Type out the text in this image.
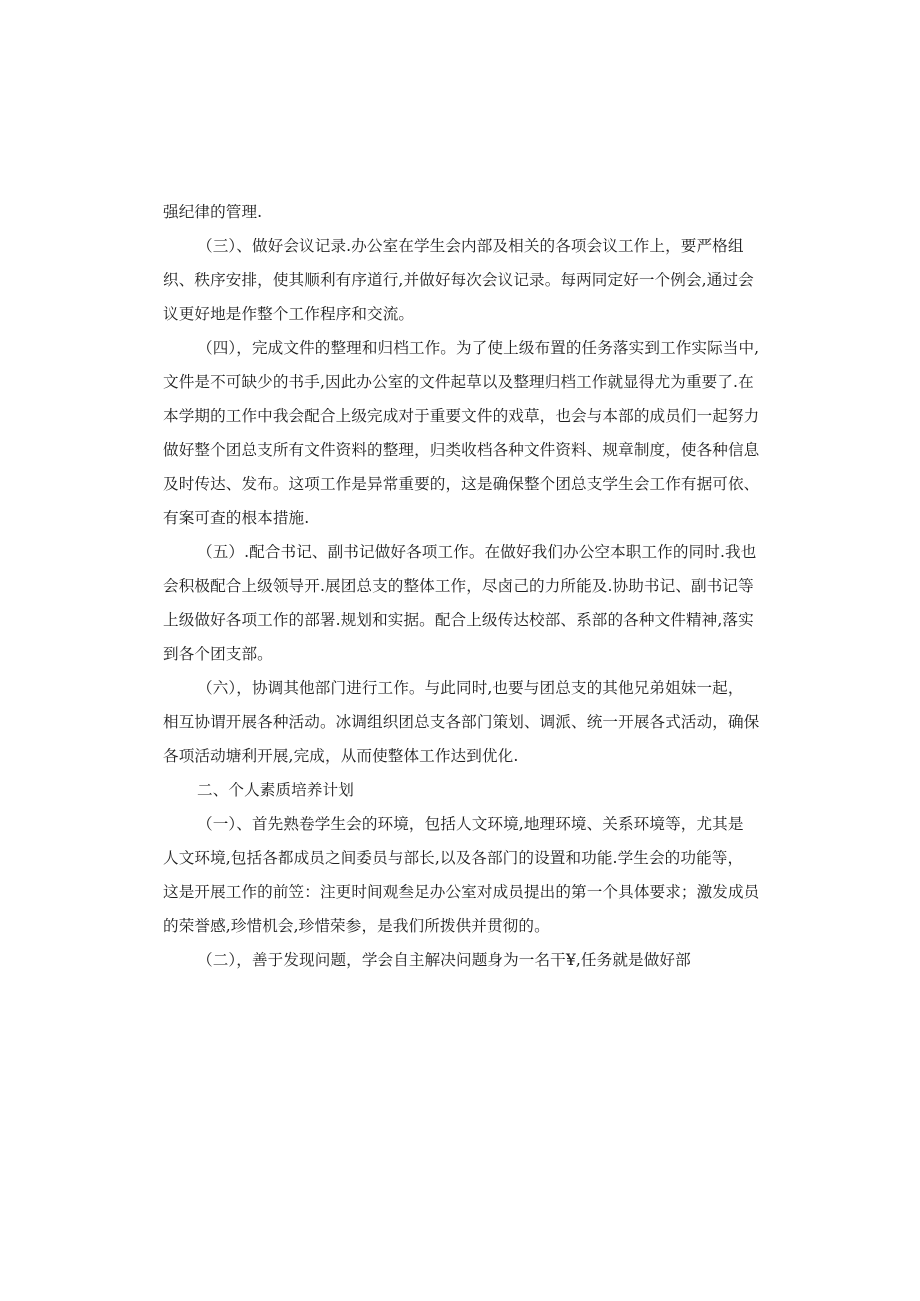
强纪律的管理.
（三）、做好会议记录.办公室在学生会内部及相关的各项会议工作上，要严格组
织、秩序安排，使其顺利有序道行,并做好每次会议记录。每两同定好一个例会,通过会
议更好地是作整个工作程序和交流。
（四），完成文件的整理和归档工作。为了使上级布置的任务落实到工作实际当中,
文件是不可缺少的书手,因此办公室的文件起草以及整理归档工作就显得尤为重要了.在
本学期的工作中我会配合上级完成对于重要文件的戏草，也会与本部的成员们一起努力
做好整个团总支所有文件资料的整理，归类收档各种文件资料、规章制度，使各种信息
及时传达、发布。这项工作是异常重要的，这是确保整个团总支学生会工作有据可依、
有案可查的根本措施.
（五）.配合书记、副书记做好各项工作。在做好我们办公空本职工作的同时.我也
会积极配合上级领导开.展团总支的整体工作，尽卤己的力所能及.协助书记、副书记等
上级做好各项工作的部署.规划和实据。配合上级传达校部、系部的各种文件精神,落实
到各个团支部。
（六），协调其他部门进行工作。与此同时,也要与团总支的其他兄弟姐妹一起，
相互协谓开展各种活动。冰调组织团总支各部门策划、调派、统一开展各式活动，确保
各项活动塘利开展,完成，从而使整体工作达到优化.
二、个人素质培养计划
（一）、首先熟卷学生会的环境，包括人文环境,地理环境、关系环境等，尤其是
人文环境,包括各都成员之间委员与部长,以及各部门的设置和功能.学生会的功能等，
这是开展工作的前笠：注更时间观叁足办公室对成员提出的第一个具体要求；激发成员
的荣誉感,珍惜机会,珍惜荣参，是我们所拨供并贯彻的。
（二），善于发现问题，学会自主解决问题身为一名干¥,任务就是做好部
